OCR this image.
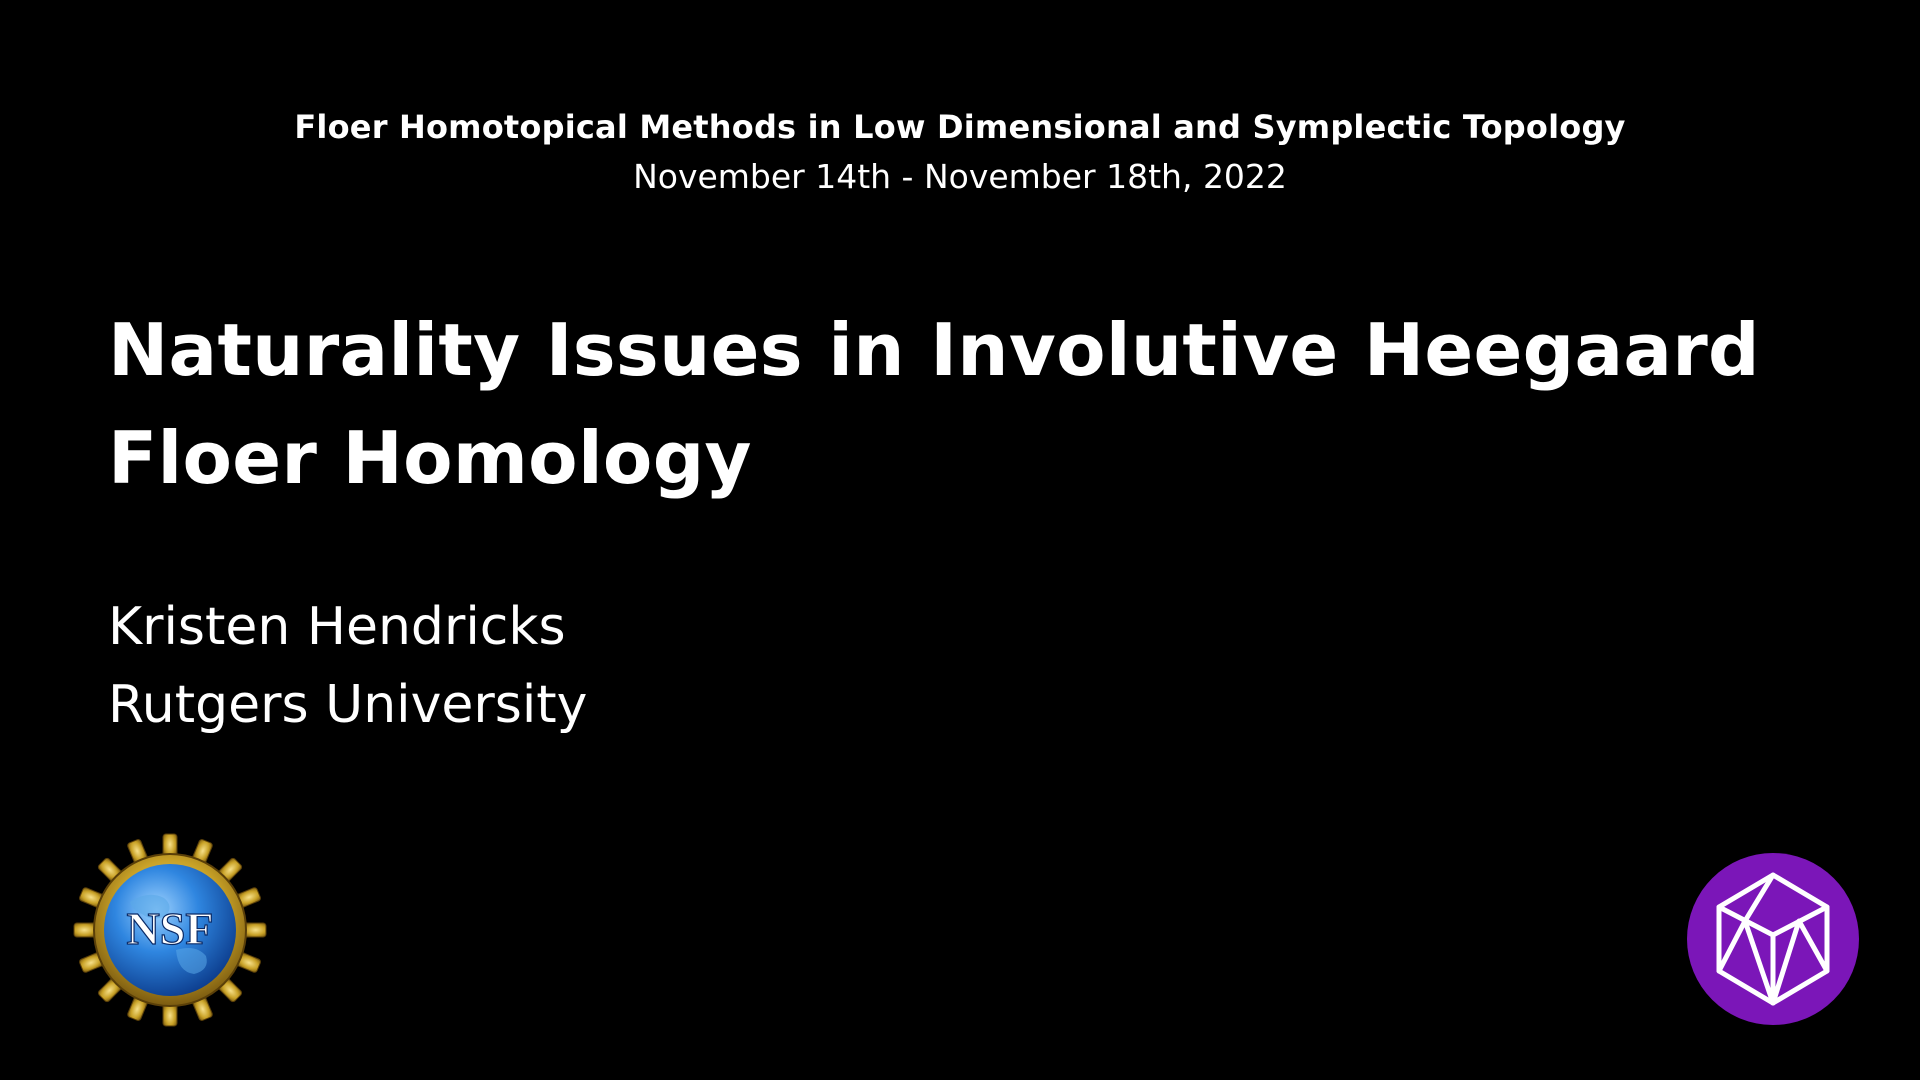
Floer Homotopical Methods in Low Dimensional and Symplectic Topology
November 14th - November 18th, 2022
Naturality Issues in Involutive Heegaard Floer Homology
Kristen Hendricks
Rutgers University
NSF
